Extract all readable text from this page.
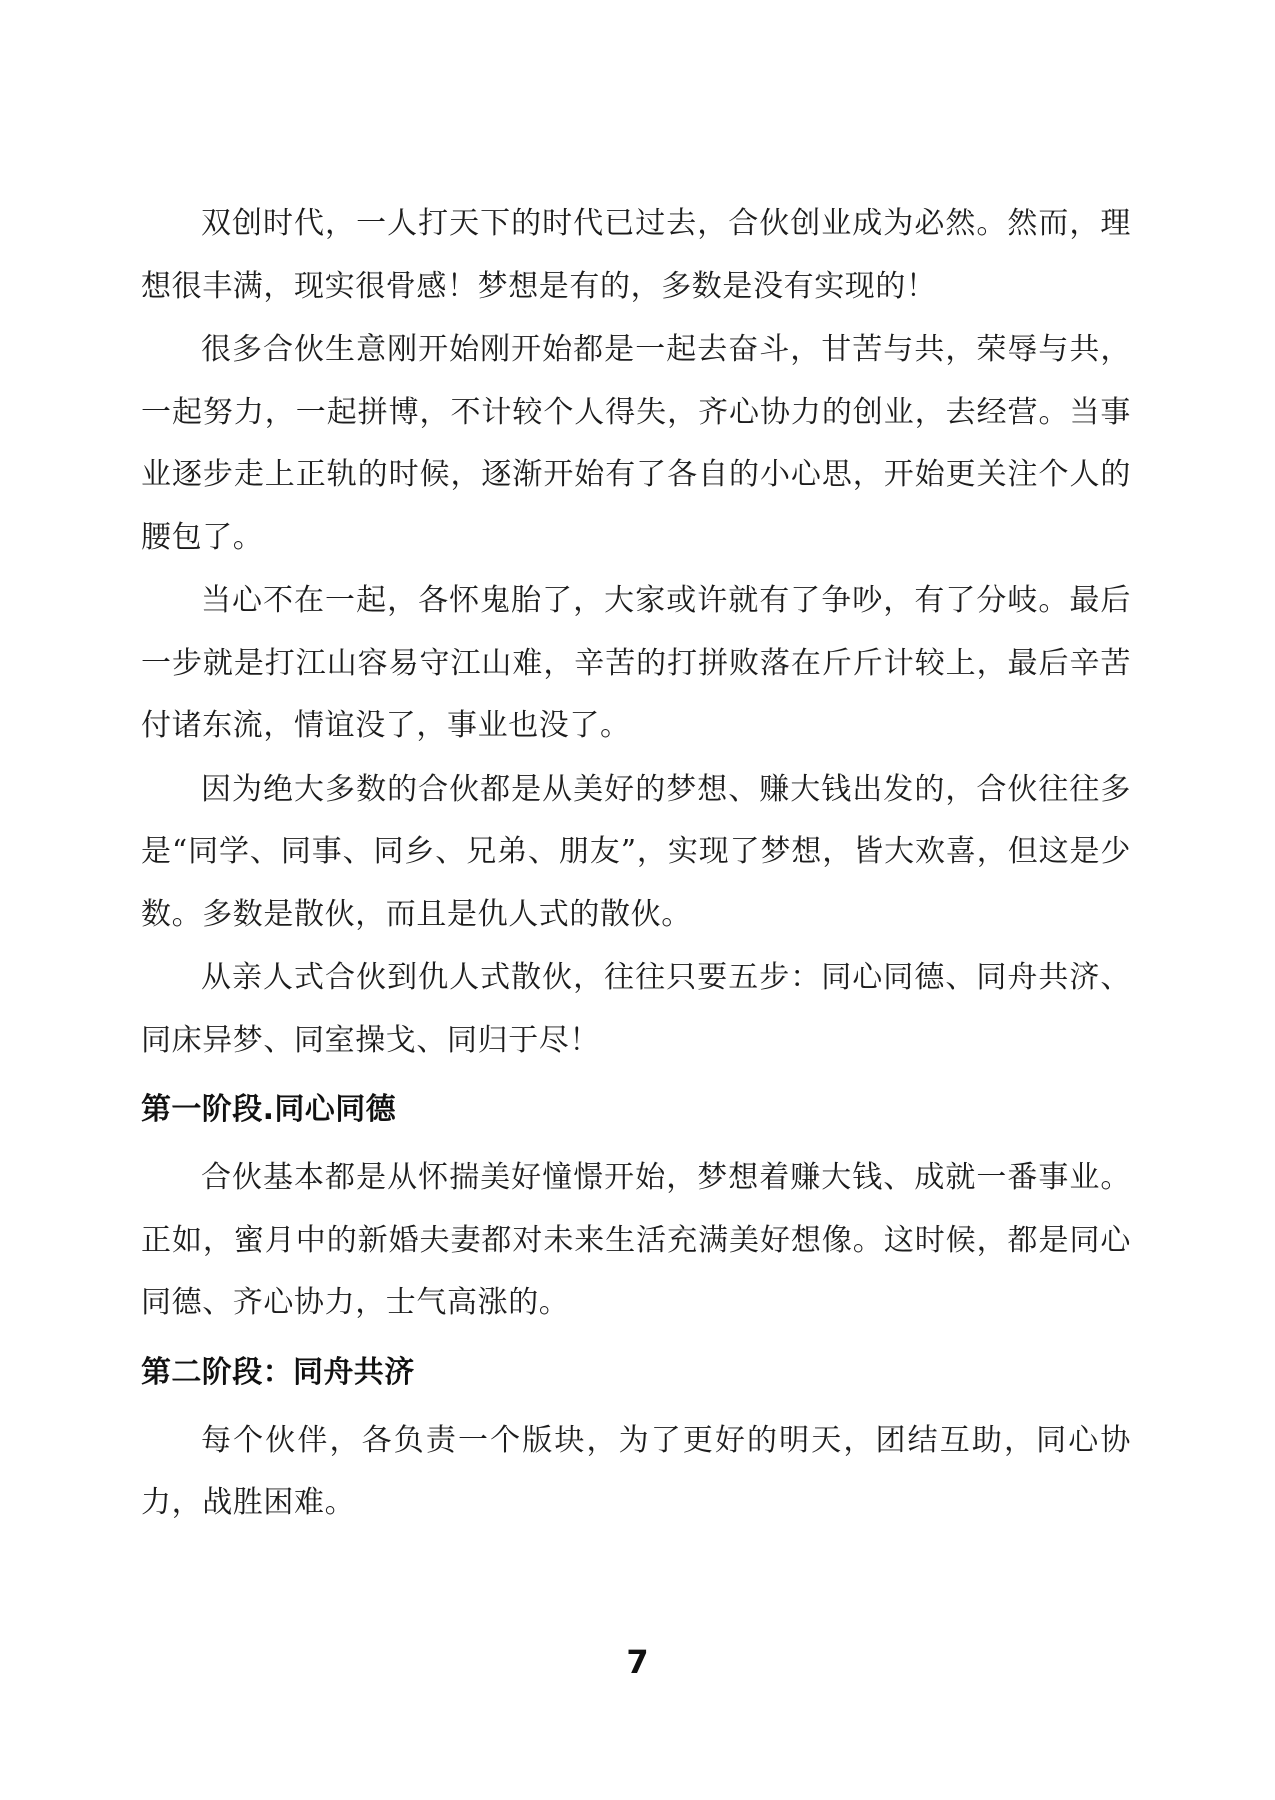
双创时代，一人打天下的时代已过去，合伙创业成为必然。然而，理想很丰满，现实很骨感！梦想是有的，多数是没有实现的！

很多合伙生意刚开始刚开始都是一起去奋斗，甘苦与共，荣辱与共，一起努力，一起拼博，不计较个人得失，齐心协力的创业，去经营。当事业逐步走上正轨的时候，逐渐开始有了各自的小心思，开始更关注个人的腰包了。

当心不在一起，各怀鬼胎了，大家或许就有了争吵，有了分岐。最后一步就是打江山容易守江山难，辛苦的打拼败落在斤斤计较上，最后辛苦付诸东流，情谊没了，事业也没了。

因为绝大多数的合伙都是从美好的梦想、赚大钱出发的，合伙往往多是“同学、同事、同乡、兄弟、朋友”，实现了梦想，皆大欢喜，但这是少数。多数是散伙，而且是仇人式的散伙。

从亲人式合伙到仇人式散伙，往往只要五步：同心同德、同舟共济、同床异梦、同室操戈、同归于尽！

第一阶段.同心同德

合伙基本都是从怀揣美好憧憬开始，梦想着赚大钱、成就一番事业。正如，蜜月中的新婚夫妻都对未来生活充满美好想像。这时候，都是同心同德、齐心协力，士气高涨的。

第二阶段：同舟共济

每个伙伴，各负责一个版块，为了更好的明天，团结互助，同心协力，战胜困难。

7
